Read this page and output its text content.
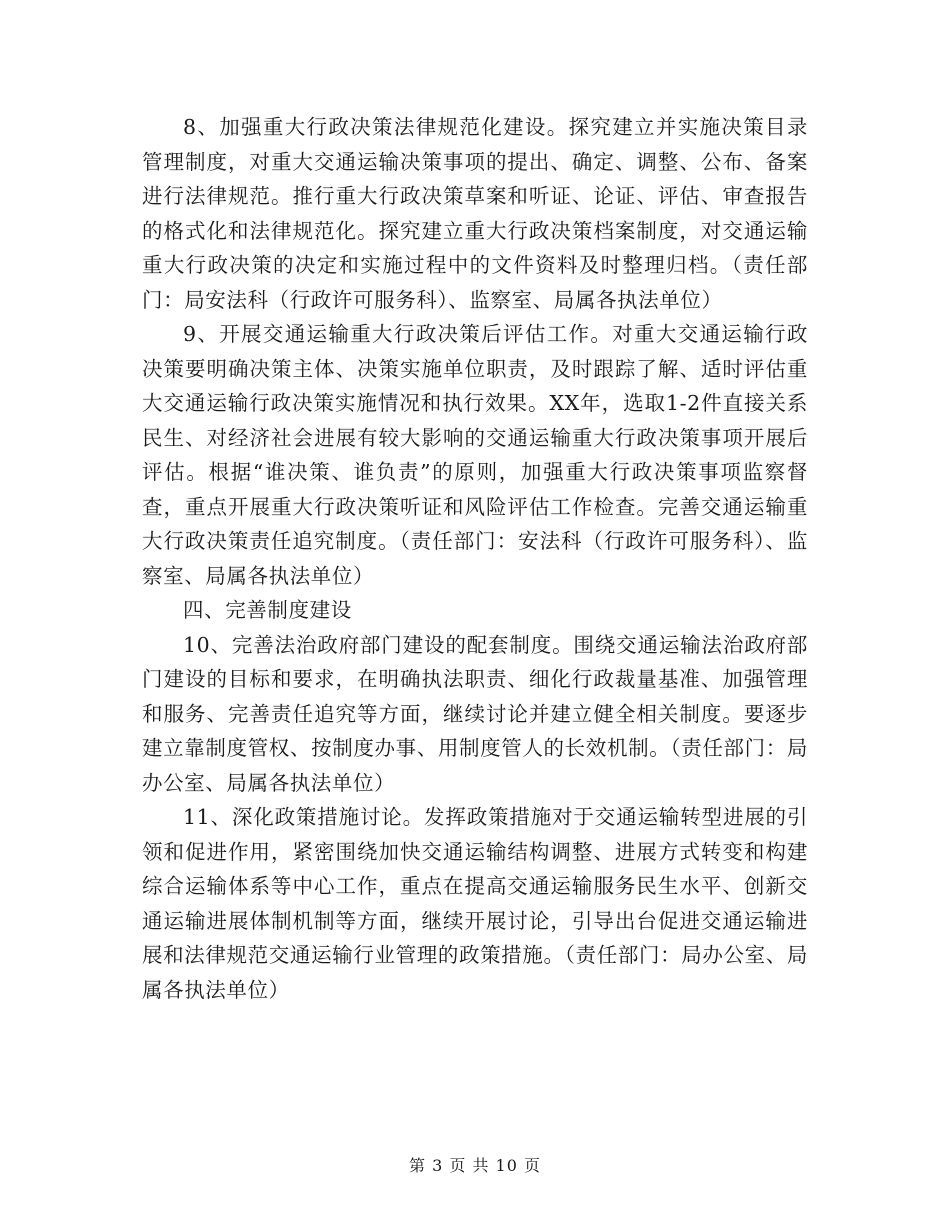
8、加强重大行政决策法律规范化建设。探究建立并实施决策目录管理制度，对重大交通运输决策事项的提出、确定、调整、公布、备案进行法律规范。推行重大行政决策草案和听证、论证、评估、审查报告的格式化和法律规范化。探究建立重大行政决策档案制度，对交通运输重大行政决策的决定和实施过程中的文件资料及时整理归档。（责任部门：局安法科（行政许可服务科）、监察室、局属各执法单位）

9、开展交通运输重大行政决策后评估工作。对重大交通运输行政决策要明确决策主体、决策实施单位职责，及时跟踪了解、适时评估重大交通运输行政决策实施情况和执行效果。XX年，选取1-2件直接关系民生、对经济社会进展有较大影响的交通运输重大行政决策事项开展后评估。根据“谁决策、谁负责”的原则，加强重大行政决策事项监察督查，重点开展重大行政决策听证和风险评估工作检查。完善交通运输重大行政决策责任追究制度。（责任部门：安法科（行政许可服务科）、监察室、局属各执法单位）

四、完善制度建设

10、完善法治政府部门建设的配套制度。围绕交通运输法治政府部门建设的目标和要求，在明确执法职责、细化行政裁量基准、加强管理和服务、完善责任追究等方面，继续讨论并建立健全相关制度。要逐步建立靠制度管权、按制度办事、用制度管人的长效机制。（责任部门：局办公室、局属各执法单位）

11、深化政策措施讨论。发挥政策措施对于交通运输转型进展的引领和促进作用，紧密围绕加快交通运输结构调整、进展方式转变和构建综合运输体系等中心工作，重点在提高交通运输服务民生水平、创新交通运输进展体制机制等方面，继续开展讨论，引导出台促进交通运输进展和法律规范交通运输行业管理的政策措施。（责任部门：局办公室、局属各执法单位）

第 3 页 共 10 页
